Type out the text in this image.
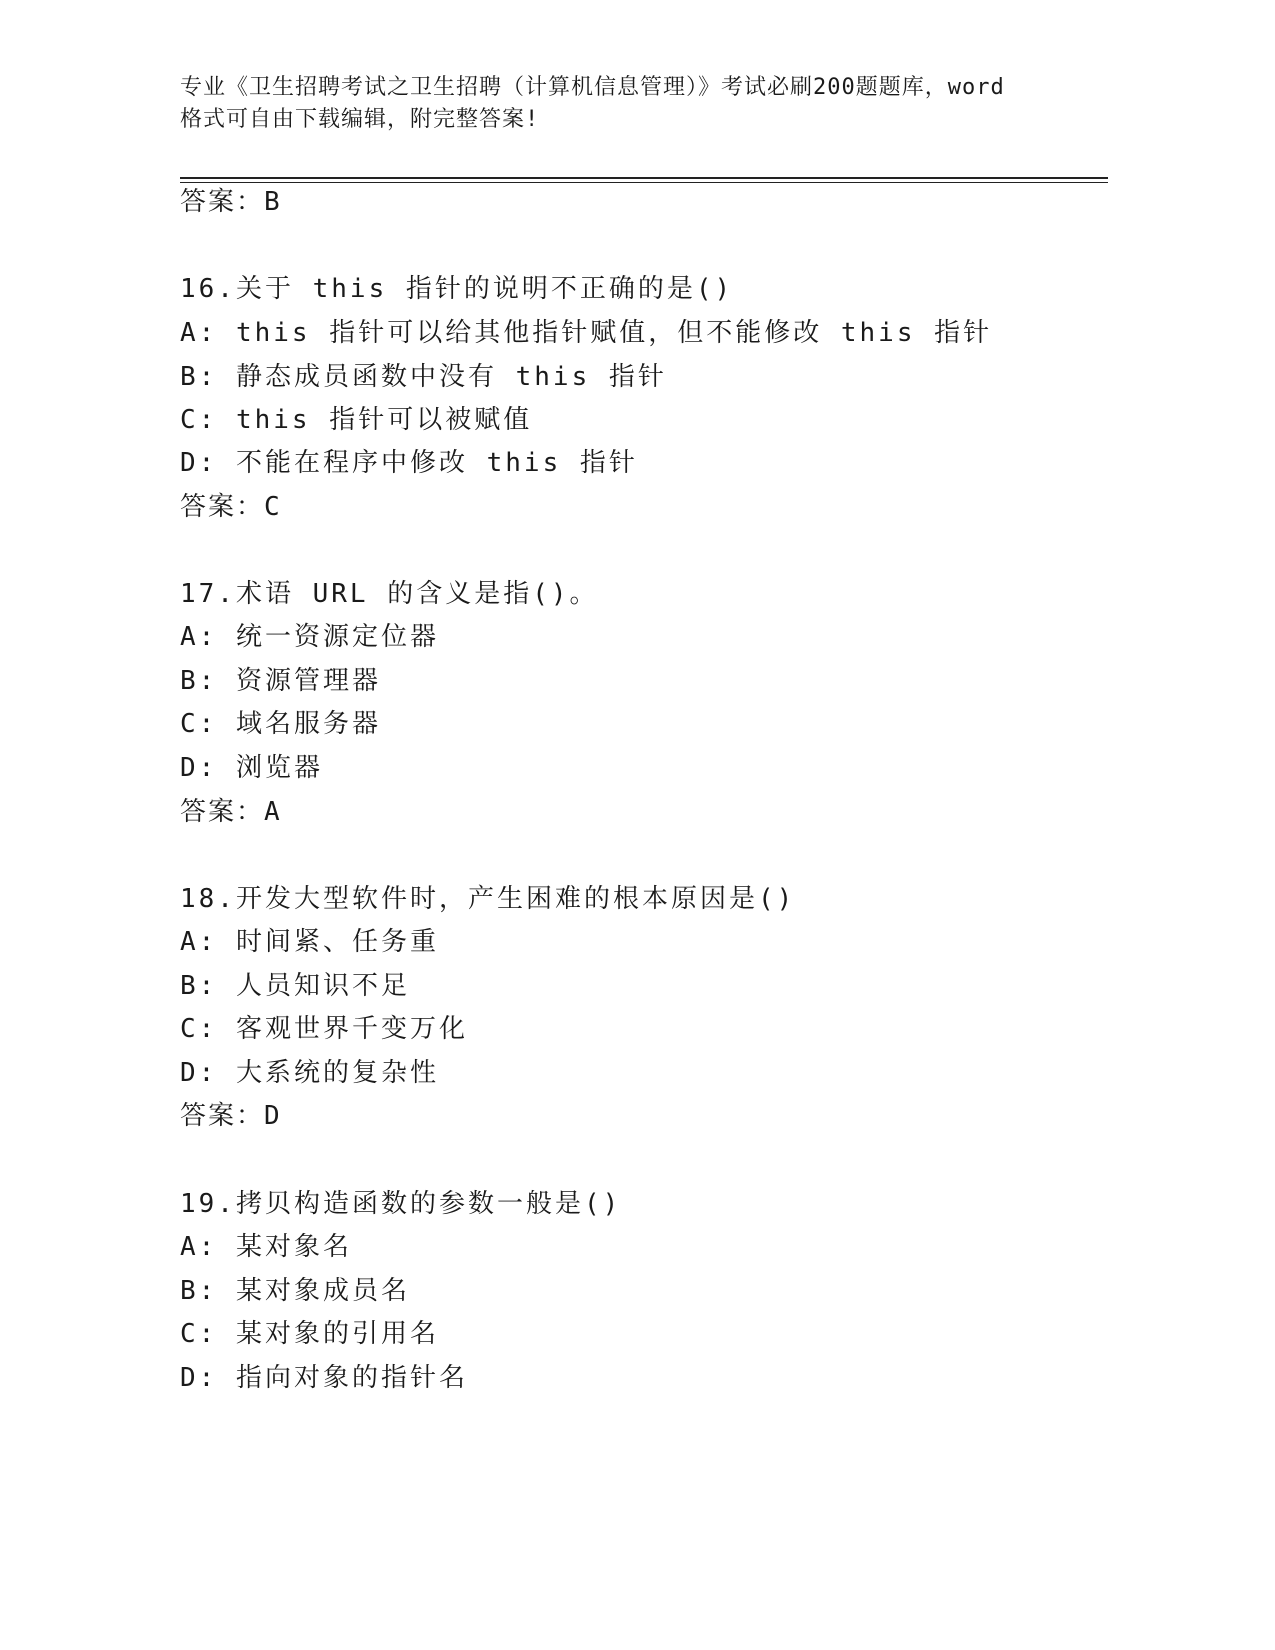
专业《卫生招聘考试之卫生招聘（计算机信息管理）》考试必刷200题题库，word
格式可自由下载编辑，附完整答案!
答案：B
16.关于 this 指针的说明不正确的是()
A: this 指针可以给其他指针赋值，但不能修改 this 指针
B: 静态成员函数中没有 this 指针
C: this 指针可以被赋值
D: 不能在程序中修改 this 指针
答案：C
17.术语 URL 的含义是指()。
A: 统一资源定位器
B: 资源管理器
C: 域名服务器
D: 浏览器
答案：A
18.开发大型软件时，产生困难的根本原因是()
A: 时间紧、任务重
B: 人员知识不足
C: 客观世界千变万化
D: 大系统的复杂性
答案：D
19.拷贝构造函数的参数一般是()
A: 某对象名
B: 某对象成员名
C: 某对象的引用名
D: 指向对象的指针名
